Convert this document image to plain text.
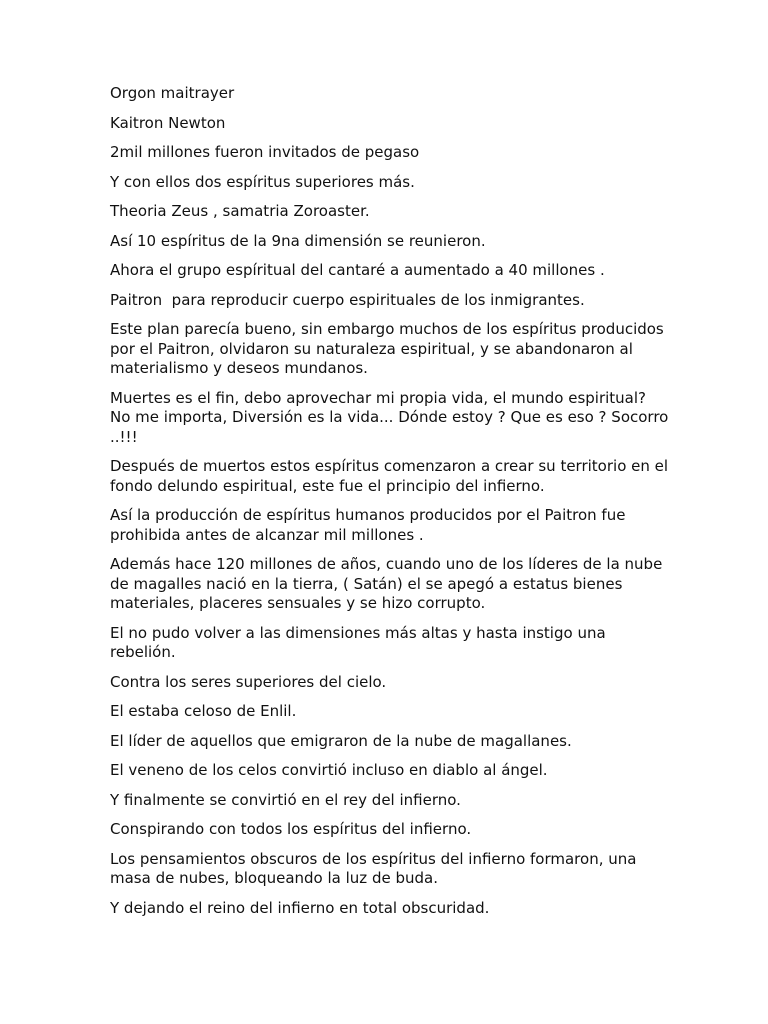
Orgon maitrayer

Kaitron Newton

2mil millones fueron invitados de pegaso

Y con ellos dos espíritus superiores más.

Theoria Zeus , samatria Zoroaster.

Así 10 espíritus de la 9na dimensión se reunieron.

Ahora el grupo espíritual del cantaré a aumentado a 40 millones .

Paitron  para reproducir cuerpo espirituales de los inmigrantes.

Este plan parecía bueno, sin embargo muchos de los espíritus producidos por el Paitron, olvidaron su naturaleza espiritual, y se abandonaron al materialismo y deseos mundanos.

Muertes es el fin, debo aprovechar mi propia vida, el mundo espiritual? No me importa, Diversión es la vida... Dónde estoy ? Que es eso ? Socorro ..!!!

Después de muertos estos espíritus comenzaron a crear su territorio en el fondo delundo espiritual, este fue el principio del infierno.

Así la producción de espíritus humanos producidos por el Paitron fue prohibida antes de alcanzar mil millones .

Además hace 120 millones de años, cuando uno de los líderes de la nube de magalles nació en la tierra, ( Satán) el se apegó a estatus bienes materiales, placeres sensuales y se hizo corrupto.

El no pudo volver a las dimensiones más altas y hasta instigo una rebelión.

Contra los seres superiores del cielo.

El estaba celoso de Enlil.

El líder de aquellos que emigraron de la nube de magallanes.

El veneno de los celos convirtió incluso en diablo al ángel.

Y finalmente se convirtió en el rey del infierno.

Conspirando con todos los espíritus del infierno.

Los pensamientos obscuros de los espíritus del infierno formaron, una masa de nubes, bloqueando la luz de buda.

Y dejando el reino del infierno en total obscuridad.
